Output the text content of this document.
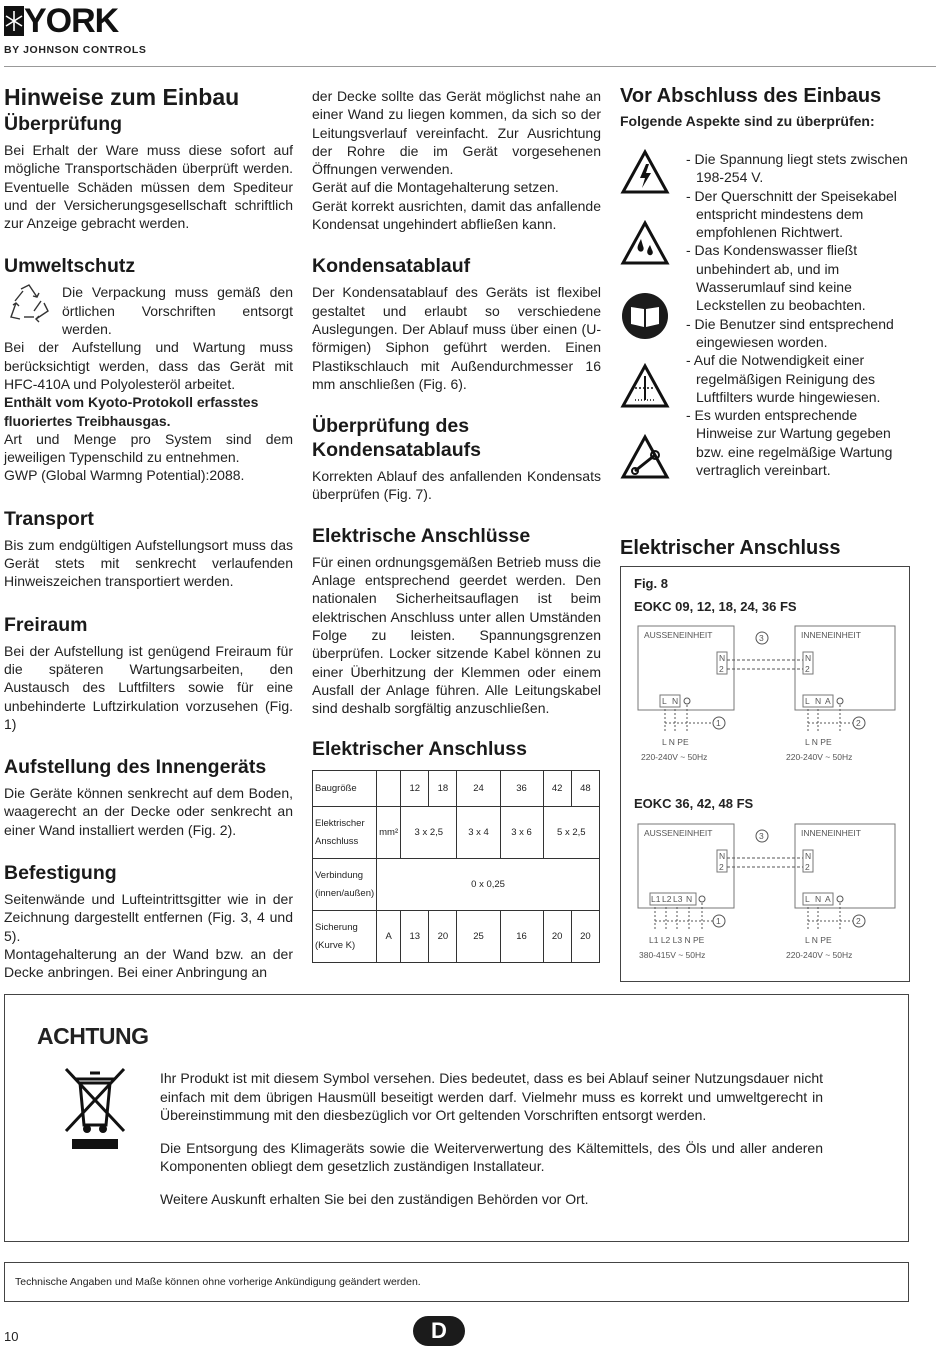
YORK
BY JOHNSON CONTROLS
Hinweise zum Einbau
Überprüfung

Bei Erhalt der Ware muss diese sofort auf mögliche Transportschäden überprüft werden. Eventuelle Schäden müssen dem Spediteur und der Versicherungsgesellschaft schriftlich zur Anzeige gebracht werden.

Umweltschutz

Die Verpackung muss gemäß den örtlichen Vorschriften entsorgt werden.

Bei der Aufstellung und Wartung muss berücksichtigt werden, dass das Gerät mit HFC-410A und Polyolesteröl arbeitet.

Enthält vom Kyoto-Protokoll erfasstes fluoriertes Treibhausgas.

Art und Menge pro System sind dem jeweiligen Typenschild zu entnehmen.

GWP (Global Warmng Potential):2088.

Transport

Bis zum endgültigen Aufstellungsort muss das Gerät stets mit senkrecht verlaufenden Hinweiszeichen transportiert werden.

Freiraum

Bei der Aufstellung ist genügend Freiraum für die späteren Wartungsarbeiten, den Austausch des Luftfilters sowie für eine unbehinderte Luftzirkulation vorzusehen (Fig. 1)

Aufstellung des Innengeräts

Die Geräte können senkrecht auf dem Boden, waagerecht an der Decke oder senkrecht an einer Wand installiert werden (Fig. 2).

Befestigung

Seitenwände und Lufteintrittsgitter wie in der Zeichnung dargestellt entfernen (Fig. 3, 4 und 5).

Montagehalterung an der Wand bzw. an der Decke anbringen. Bei einer Anbringung an

der Decke sollte das Gerät möglichst nahe an einer Wand zu liegen kommen, da sich so der Leitungsverlauf vereinfacht. Zur Ausrichtung der Rohre die im Gerät vorgesehenen Öffnungen verwenden.

Gerät auf die Montagehalterung setzen.

Gerät korrekt ausrichten, damit das anfallende Kondensat ungehindert abfließen kann.

Kondensatablauf

Der Kondensatablauf des Geräts ist flexibel gestaltet und erlaubt so verschiedene Auslegungen. Der Ablauf muss über einen (U-förmigen) Siphon geführt werden. Einen Plastikschlauch mit Außendurchmesser 16 mm anschließen (Fig. 6).

Überprüfung des
Kondensatablaufs

Korrekten Ablauf des anfallenden Kondensats überprüfen (Fig. 7).

Elektrische Anschlüsse

Für einen ordnungsgemäßen Betrieb muss die Anlage entsprechend geerdet werden. Den nationalen Sicherheitsauflagen ist beim elektrischen Anschluss unter allen Umständen Folge zu leisten. Spannungsgrenzen überprüfen. Locker sitzende Kabel können zu einer Überhitzung der Klemmen oder einem Ausfall der Anlage führen. Alle Leitungskabel sind deshalb sorgfältig anzuschließen.

Elektrischer Anschluss
Baugröße		12	18	24	36	42	48
Elektrischer Anschluss	mm²	3 x 2,5		3 x 4	3 x 6	5 x 2,5	
Verbindung (innen/außen)	0 x 0,25						
Sicherung (Kurve K)	A	13	20	25	16	20	20
Vor Abschluss des Einbaus

Folgende Aspekte sind zu überprüfen:

- Die Spannung liegt stets zwischen 198-254 V.
- Der Querschnitt der Speisekabel entspricht mindestens dem empfohlenen Richtwert.
- Das Kondenswasser fließt unbehindert ab, und im Wasserumlauf sind keine Leckstellen zu beobachten.
- Die Benutzer sind entsprechend eingewiesen worden.
- Auf die Notwendigkeit einer regelmäßigen Reinigung des Luftfilters wurde hingewiesen.
- Es wurden entsprechende Hinweise zur Wartung gegeben bzw. eine regelmäßige Wartung vertraglich vereinbart.
Elektrischer Anschluss
Fig. 8
EOKC 09, 12, 18, 24, 36 FS
AUSSENEINHEIT	INNENEINHEIT
3
N
2
N
2
L N	L N A
1	2
L N PE
220-240V ~ 50Hz
L N PE
220-240V ~ 50Hz
EOKC 36, 42, 48 FS
AUSSENEINHEIT	INNENEINHEIT
3
N
2
N
2
L1 L2 L3 N	L N A
1	2
L1 L2 L3 N PE
380-415V ~ 50Hz
L N PE
220-240V ~ 50Hz
ACHTUNG

Ihr Produkt ist mit diesem Symbol versehen. Dies bedeutet, dass es bei Ablauf seiner Nutzungsdauer nicht einfach mit dem übrigen Hausmüll beseitigt werden darf. Vielmehr muss es korrekt und umweltgerecht in Übereinstimmung mit den diesbezüglich vor Ort geltenden Vorschriften entsorgt werden.

Die Entsorgung des Klimageräts sowie die Weiterverwertung des Kältemittels, des Öls und aller anderen Komponenten obliegt dem gesetzlich zuständigen Installateur.

Weitere Auskunft erhalten Sie bei den zuständigen Behörden vor Ort.

Technische Angaben und Maße können ohne vorherige Ankündigung geändert werden.
10	D
